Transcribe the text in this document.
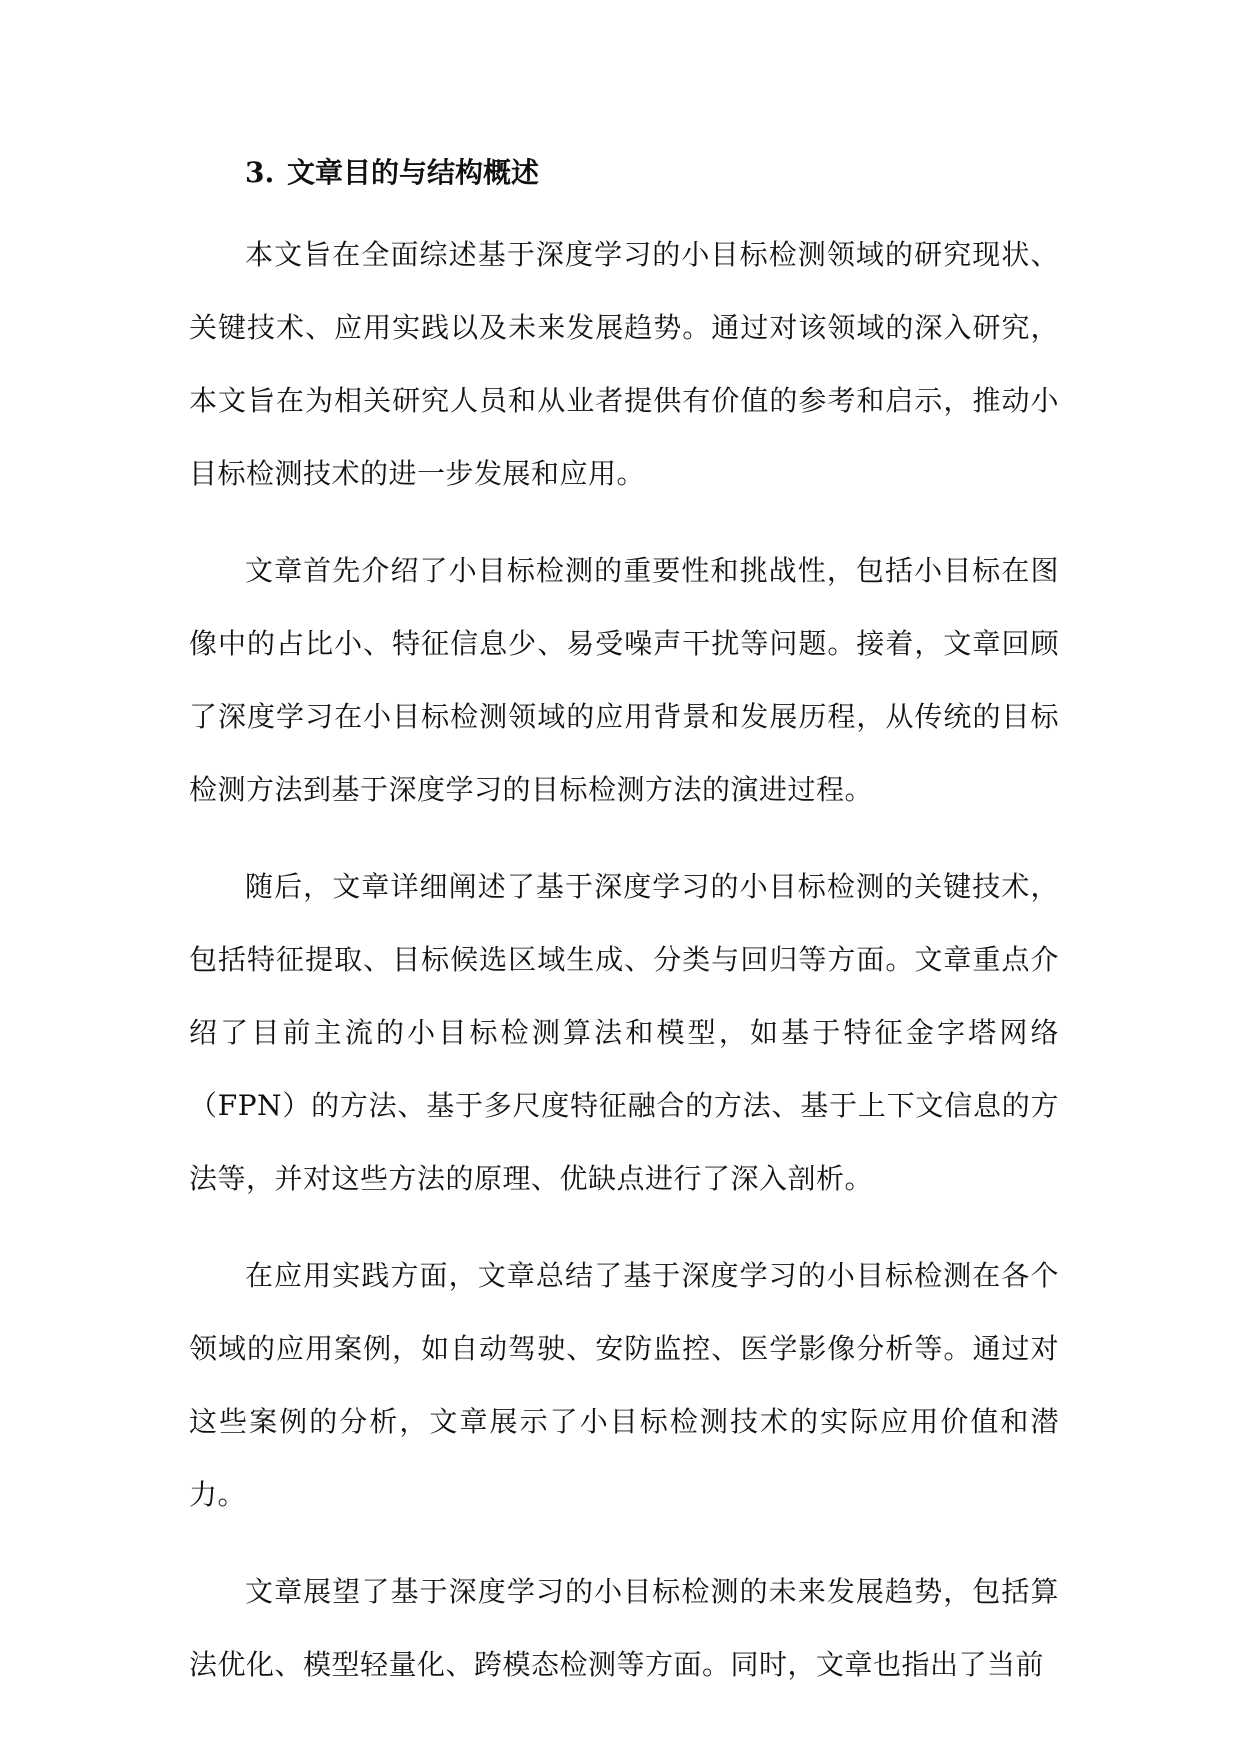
3. 文章目的与结构概述

本文旨在全面综述基于深度学习的小目标检测领域的研究现状、关键技术、应用实践以及未来发展趋势。通过对该领域的深入研究，本文旨在为相关研究人员和从业者提供有价值的参考和启示，推动小目标检测技术的进一步发展和应用。

文章首先介绍了小目标检测的重要性和挑战性，包括小目标在图像中的占比小、特征信息少、易受噪声干扰等问题。接着，文章回顾了深度学习在小目标检测领域的应用背景和发展历程，从传统的目标检测方法到基于深度学习的目标检测方法的演进过程。

随后，文章详细阐述了基于深度学习的小目标检测的关键技术，包括特征提取、目标候选区域生成、分类与回归等方面。文章重点介绍了目前主流的小目标检测算法和模型，如基于特征金字塔网络（FPN）的方法、基于多尺度特征融合的方法、基于上下文信息的方法等，并对这些方法的原理、优缺点进行了深入剖析。

在应用实践方面，文章总结了基于深度学习的小目标检测在各个领域的应用案例，如自动驾驶、安防监控、医学影像分析等。通过对这些案例的分析，文章展示了小目标检测技术的实际应用价值和潜力。

文章展望了基于深度学习的小目标检测的未来发展趋势，包括算法优化、模型轻量化、跨模态检测等方面。同时，文章也指出了当前
